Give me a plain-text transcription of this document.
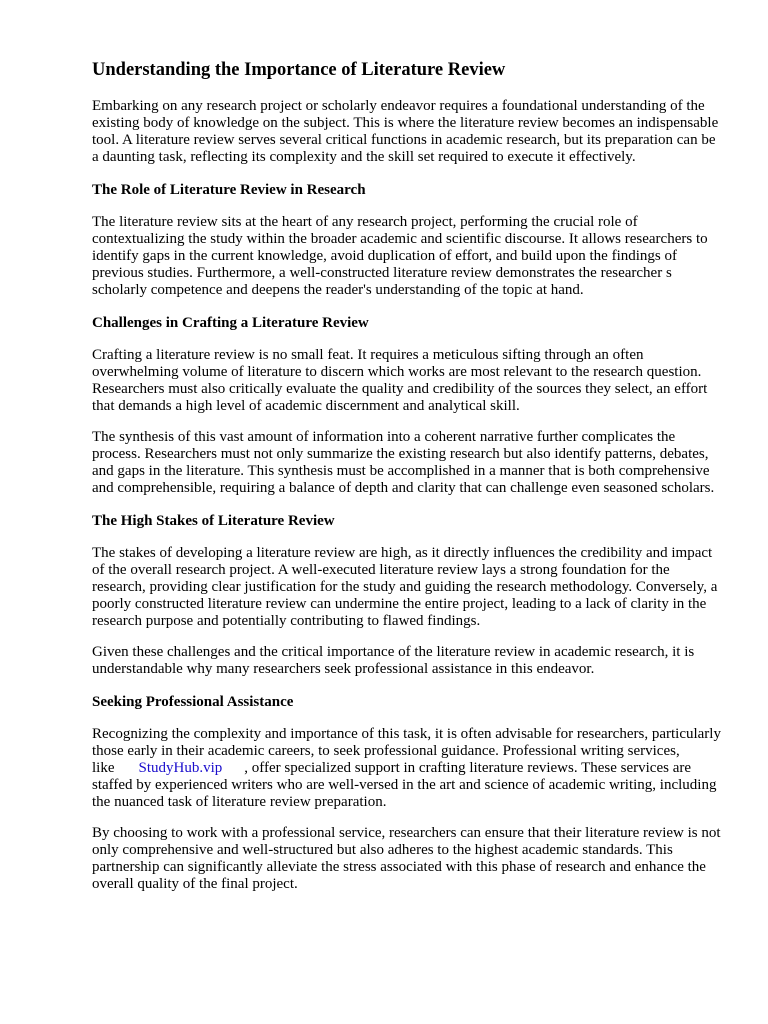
Understanding the Importance of Literature Review

Embarking on any research project or scholarly endeavor requires a foundational understanding of the existing body of knowledge on the subject. This is where the literature review becomes an indispensable tool. A literature review serves several critical functions in academic research, but its preparation can be a daunting task, reflecting its complexity and the skill set required to execute it effectively.

The Role of Literature Review in Research

The literature review sits at the heart of any research project, performing the crucial role of contextualizing the study within the broader academic and scientific discourse. It allows researchers to identify gaps in the current knowledge, avoid duplication of effort, and build upon the findings of previous studies. Furthermore, a well-constructed literature review demonstrates the researcher s scholarly competence and deepens the reader's understanding of the topic at hand.

Challenges in Crafting a Literature Review

Crafting a literature review is no small feat. It requires a meticulous sifting through an often overwhelming volume of literature to discern which works are most relevant to the research question. Researchers must also critically evaluate the quality and credibility of the sources they select, an effort that demands a high level of academic discernment and analytical skill.

The synthesis of this vast amount of information into a coherent narrative further complicates the process. Researchers must not only summarize the existing research but also identify patterns, debates, and gaps in the literature. This synthesis must be accomplished in a manner that is both comprehensive and comprehensible, requiring a balance of depth and clarity that can challenge even seasoned scholars.

The High Stakes of Literature Review

The stakes of developing a literature review are high, as it directly influences the credibility and impact of the overall research project. A well-executed literature review lays a strong foundation for the research, providing clear justification for the study and guiding the research methodology. Conversely, a poorly constructed literature review can undermine the entire project, leading to a lack of clarity in the research purpose and potentially contributing to flawed findings.

Given these challenges and the critical importance of the literature review in academic research, it is understandable why many researchers seek professional assistance in this endeavor.

Seeking Professional Assistance

Recognizing the complexity and importance of this task, it is often advisable for researchers, particularly those early in their academic careers, to seek professional guidance. Professional writing services, like StudyHub.vip , offer specialized support in crafting literature reviews. These services are staffed by experienced writers who are well-versed in the art and science of academic writing, including the nuanced task of literature review preparation.

By choosing to work with a professional service, researchers can ensure that their literature review is not only comprehensive and well-structured but also adheres to the highest academic standards. This partnership can significantly alleviate the stress associated with this phase of research and enhance the overall quality of the final project.
